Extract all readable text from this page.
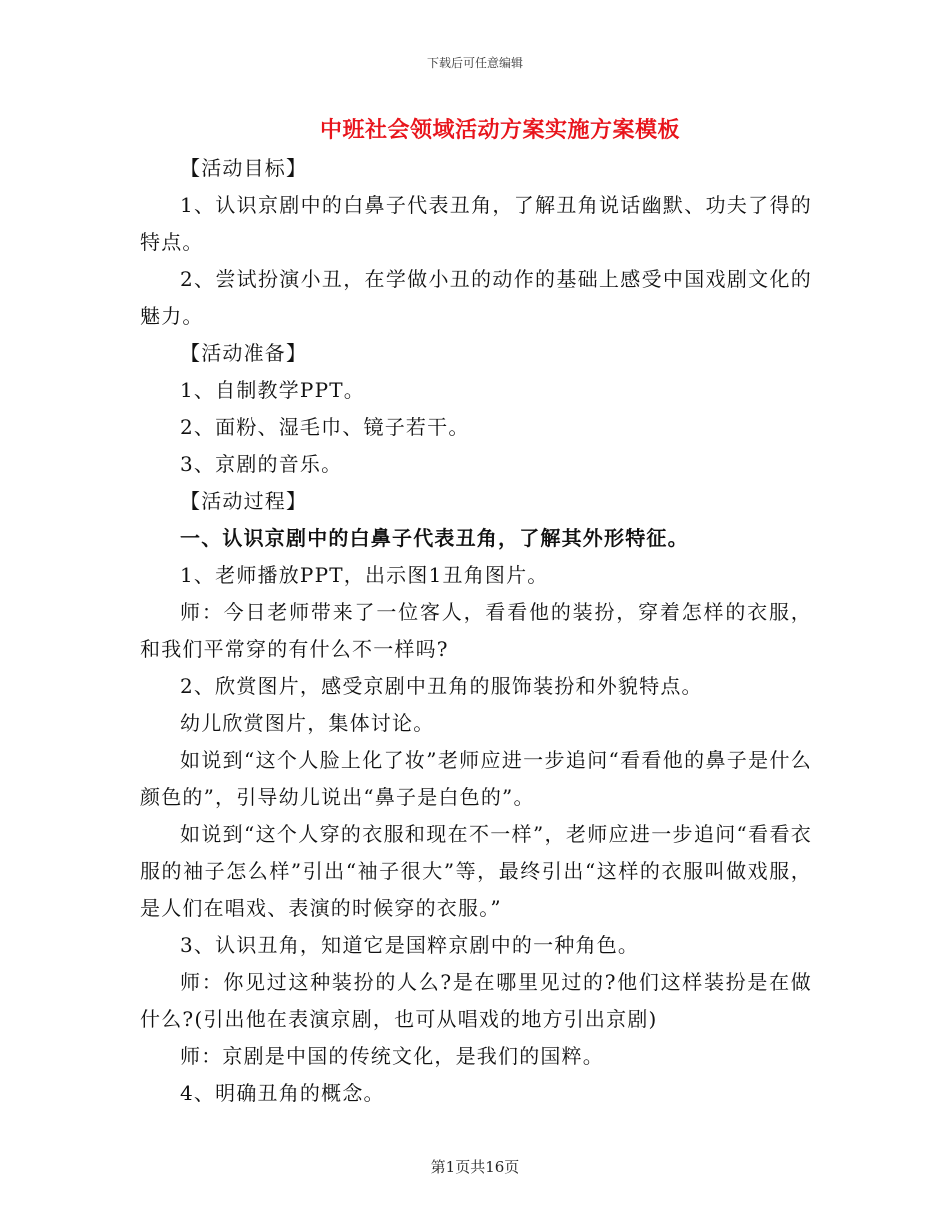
下载后可任意编辑
中班社会领域活动方案实施方案模板

【活动目标】

1、认识京剧中的白鼻子代表丑角，了解丑角说话幽默、功夫了得的特点。

2、尝试扮演小丑，在学做小丑的动作的基础上感受中国戏剧文化的魅力。

【活动准备】

1、自制教学PPT。

2、面粉、湿毛巾、镜子若干。

3、京剧的音乐。

【活动过程】

一、认识京剧中的白鼻子代表丑角，了解其外形特征。

1、老师播放PPT，出示图1丑角图片。

师：今日老师带来了一位客人，看看他的装扮，穿着怎样的衣服，和我们平常穿的有什么不一样吗?

2、欣赏图片，感受京剧中丑角的服饰装扮和外貌特点。

幼儿欣赏图片，集体讨论。

如说到“这个人脸上化了妆”老师应进一步追问“看看他的鼻子是什么颜色的”，引导幼儿说出“鼻子是白色的”。

如说到“这个人穿的衣服和现在不一样”，老师应进一步追问“看看衣服的袖子怎么样”引出“袖子很大”等，最终引出“这样的衣服叫做戏服，是人们在唱戏、表演的时候穿的衣服。”

3、认识丑角，知道它是国粹京剧中的一种角色。

师：你见过这种装扮的人么?是在哪里见过的?他们这样装扮是在做什么?(引出他在表演京剧，也可从唱戏的地方引出京剧)

师：京剧是中国的传统文化，是我们的国粹。

4、明确丑角的概念。

第1页共16页
